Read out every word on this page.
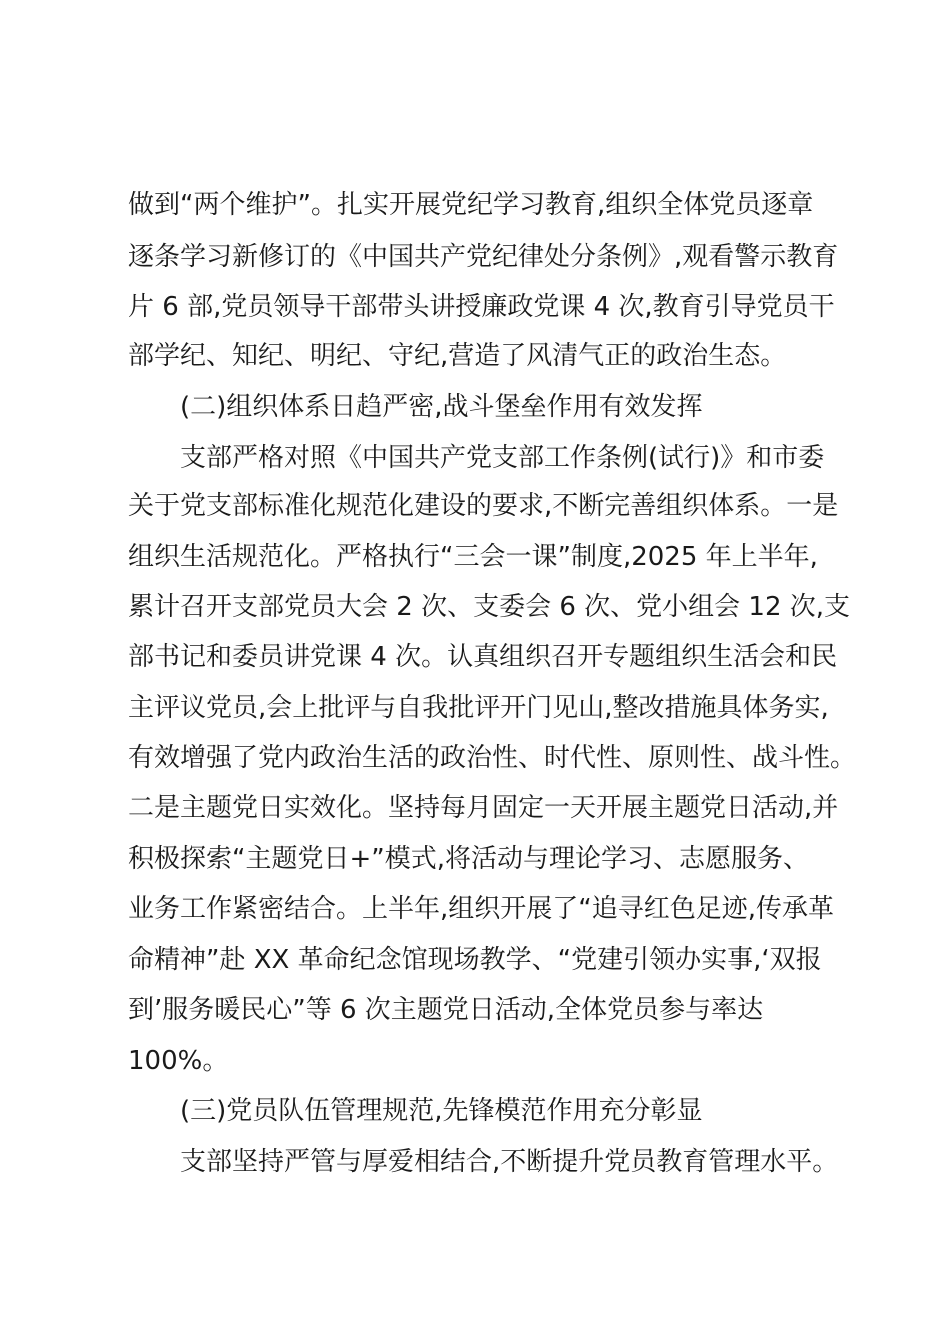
做到“两个维护”。扎实开展党纪学习教育,组织全体党员逐章
逐条学习新修订的《中国共产党纪律处分条例》,观看警示教育
片 6 部,党员领导干部带头讲授廉政党课 4 次,教育引导党员干
部学纪、知纪、明纪、守纪,营造了风清气正的政治生态。
(二)组织体系日趋严密,战斗堡垒作用有效发挥
支部严格对照《中国共产党支部工作条例(试行)》和市委
关于党支部标准化规范化建设的要求,不断完善组织体系。一是
组织生活规范化。严格执行“三会一课”制度,2025 年上半年,
累计召开支部党员大会 2 次、支委会 6 次、党小组会 12 次,支
部书记和委员讲党课 4 次。认真组织召开专题组织生活会和民
主评议党员,会上批评与自我批评开门见山,整改措施具体务实,
有效增强了党内政治生活的政治性、时代性、原则性、战斗性。
二是主题党日实效化。坚持每月固定一天开展主题党日活动,并
积极探索“主题党日+”模式,将活动与理论学习、志愿服务、
业务工作紧密结合。上半年,组织开展了“追寻红色足迹,传承革
命精神”赴 XX 革命纪念馆现场教学、“党建引领办实事,‘双报
到’服务暖民心”等 6 次主题党日活动,全体党员参与率达
100%。
(三)党员队伍管理规范,先锋模范作用充分彰显
支部坚持严管与厚爱相结合,不断提升党员教育管理水平。
